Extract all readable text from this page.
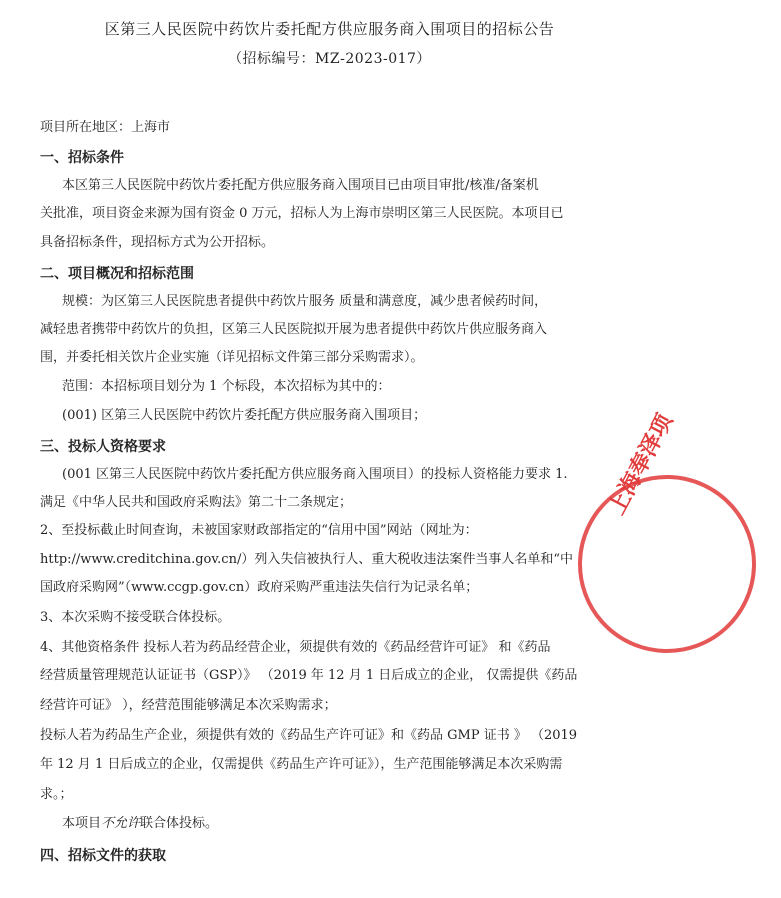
区第三人民医院中药饮片委托配方供应服务商入围项目的招标公告
（招标编号：MZ-2023-017）
项目所在地区：上海市
一、招标条件
本区第三人民医院中药饮片委托配方供应服务商入围项目已由项目审批/核准/备案机
关批准，项目资金来源为国有资金 0 万元，招标人为上海市崇明区第三人民医院。本项目已
具备招标条件，现招标方式为公开招标。
二、项目概况和招标范围
规模：为区第三人民医院患者提供中药饮片服务 质量和满意度，减少患者候药时间，
减轻患者携带中药饮片的负担，区第三人民医院拟开展为患者提供中药饮片供应服务商入
围，并委托相关饮片企业实施（详见招标文件第三部分采购需求）。
范围：本招标项目划分为 1 个标段，本次招标为其中的：
(001) 区第三人民医院中药饮片委托配方供应服务商入围项目；
三、投标人资格要求
(001 区第三人民医院中药饮片委托配方供应服务商入围项目）的投标人资格能力要求 1.
满足《中华人民共和国政府采购法》第二十二条规定；
2、至投标截止时间查询，未被国家财政部指定的“信用中国”网站（网址为：
http://www.creditchina.gov.cn/）列入失信被执行人、重大税收违法案件当事人名单和“中
国政府采购网”（www.ccgp.gov.cn）政府采购严重违法失信行为记录名单；
3、本次采购不接受联合体投标。
4、其他资格条件 投标人若为药品经营企业，须提供有效的《药品经营许可证》 和《药品
经营质量管理规范认证证书（GSP）》 （2019 年 12 月 1 日后成立的企业， 仅需提供《药品
经营许可证》 ），经营范围能够满足本次采购需求；
投标人若为药品生产企业，须提供有效的《药品生产许可证》和《药品 GMP 证书 》 （2019
年 12 月 1 日后成立的企业，仅需提供《药品生产许可证》），生产范围能够满足本次采购需
求。；
本项目不允许联合体投标。
四、招标文件的获取
上海奉泽项
